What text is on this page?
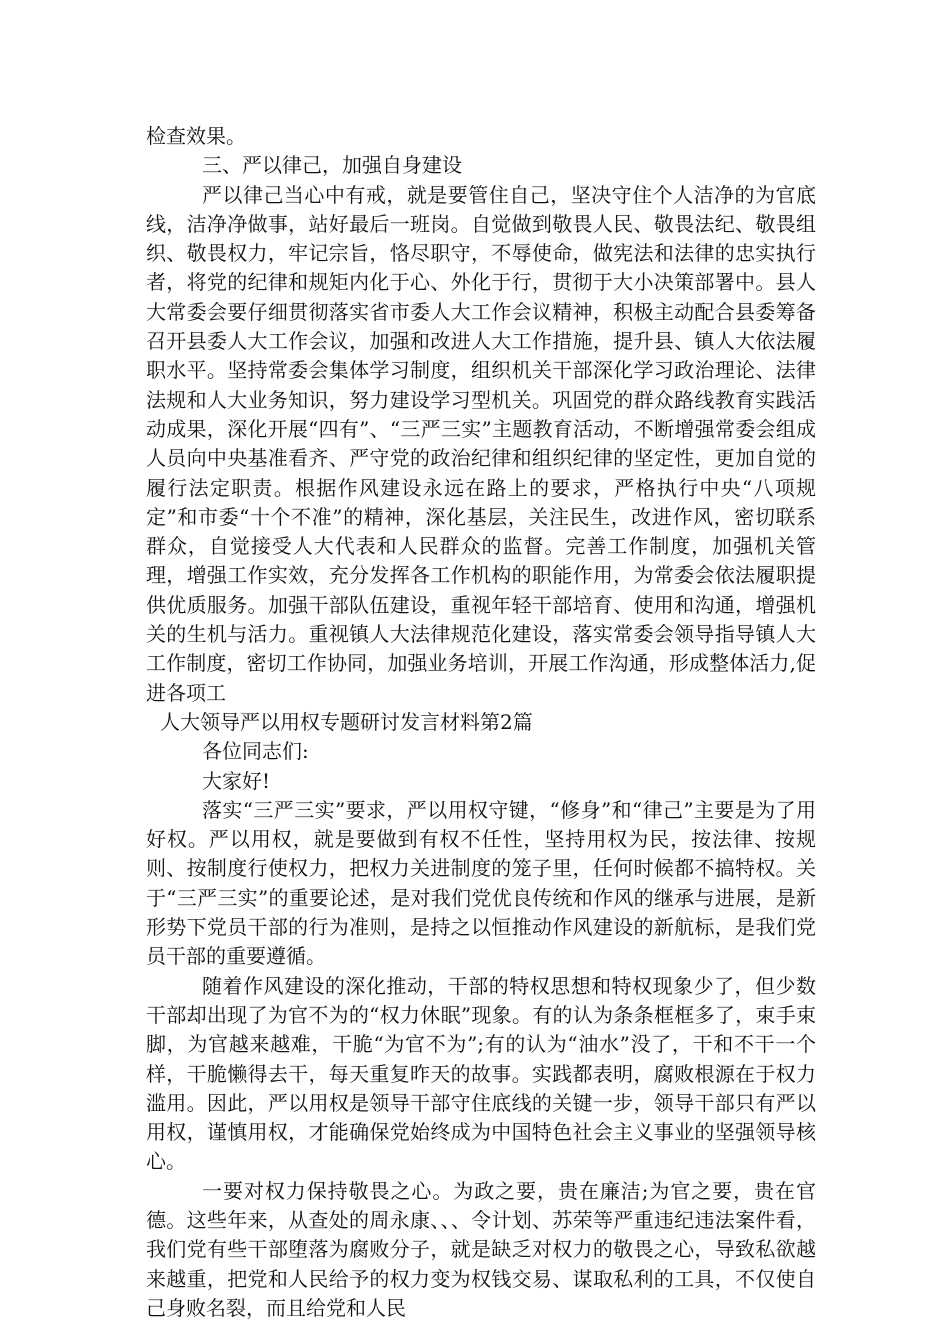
检查效果。

三、严以律己，加强自身建设

严以律己当心中有戒，就是要管住自己，坚决守住个人洁净的为官底线，洁净净做事，站好最后一班岗。自觉做到敬畏人民、敬畏法纪、敬畏组织、敬畏权力，牢记宗旨，恪尽职守，不辱使命，做宪法和法律的忠实执行者，将党的纪律和规矩内化于心、外化于行，贯彻于大小决策部署中。县人大常委会要仔细贯彻落实省市委人大工作会议精神，积极主动配合县委筹备召开县委人大工作会议，加强和改进人大工作措施，提升县、镇人大依法履职水平。坚持常委会集体学习制度，组织机关干部深化学习政治理论、法律法规和人大业务知识，努力建设学习型机关。巩固党的群众路线教育实践活动成果，深化开展“四有”、“三严三实”主题教育活动，不断增强常委会组成人员向中央基准看齐、严守党的政治纪律和组织纪律的坚定性，更加自觉的履行法定职责。根据作风建设永远在路上的要求，严格执行中央“八项规定”和市委“十个不准”的精神，深化基层，关注民生，改进作风，密切联系群众，自觉接受人大代表和人民群众的监督。完善工作制度，加强机关管理，增强工作实效，充分发挥各工作机构的职能作用，为常委会依法履职提供优质服务。加强干部队伍建设，重视年轻干部培育、使用和沟通，增强机关的生机与活力。重视镇人大法律规范化建设，落实常委会领导指导镇人大工作制度，密切工作协同，加强业务培训，开展工作沟通，形成整体活力,促进各项工

人大领导严以用权专题研讨发言材料第2篇

各位同志们:

大家好!

落实“三严三实”要求，严以用权守键，“修身”和“律己”主要是为了用好权。严以用权，就是要做到有权不任性，坚持用权为民，按法律、按规则、按制度行使权力，把权力关进制度的笼子里，任何时候都不搞特权。关于“三严三实”的重要论述，是对我们党优良传统和作风的继承与进展，是新形势下党员干部的行为准则，是持之以恒推动作风建设的新航标，是我们党员干部的重要遵循。

随着作风建设的深化推动，干部的特权思想和特权现象少了，但少数干部却出现了为官不为的“权力休眠”现象。有的认为条条框框多了，束手束脚，为官越来越难，干脆“为官不为”;有的认为“油水”没了，干和不干一个样，干脆懒得去干，每天重复昨天的故事。实践都表明，腐败根源在于权力滥用。因此，严以用权是领导干部守住底线的关键一步，领导干部只有严以用权，谨慎用权，才能确保党始终成为中国特色社会主义事业的坚强领导核心。

一要对权力保持敬畏之心。为政之要，贵在廉洁;为官之要，贵在官德。这些年来，从查处的周永康、、、令计划、苏荣等严重违纪违法案件看，我们党有些干部堕落为腐败分子，就是缺乏对权力的敬畏之心，导致私欲越来越重，把党和人民给予的权力变为权钱交易、谋取私利的工具，不仅使自己身败名裂，而且给党和人民
